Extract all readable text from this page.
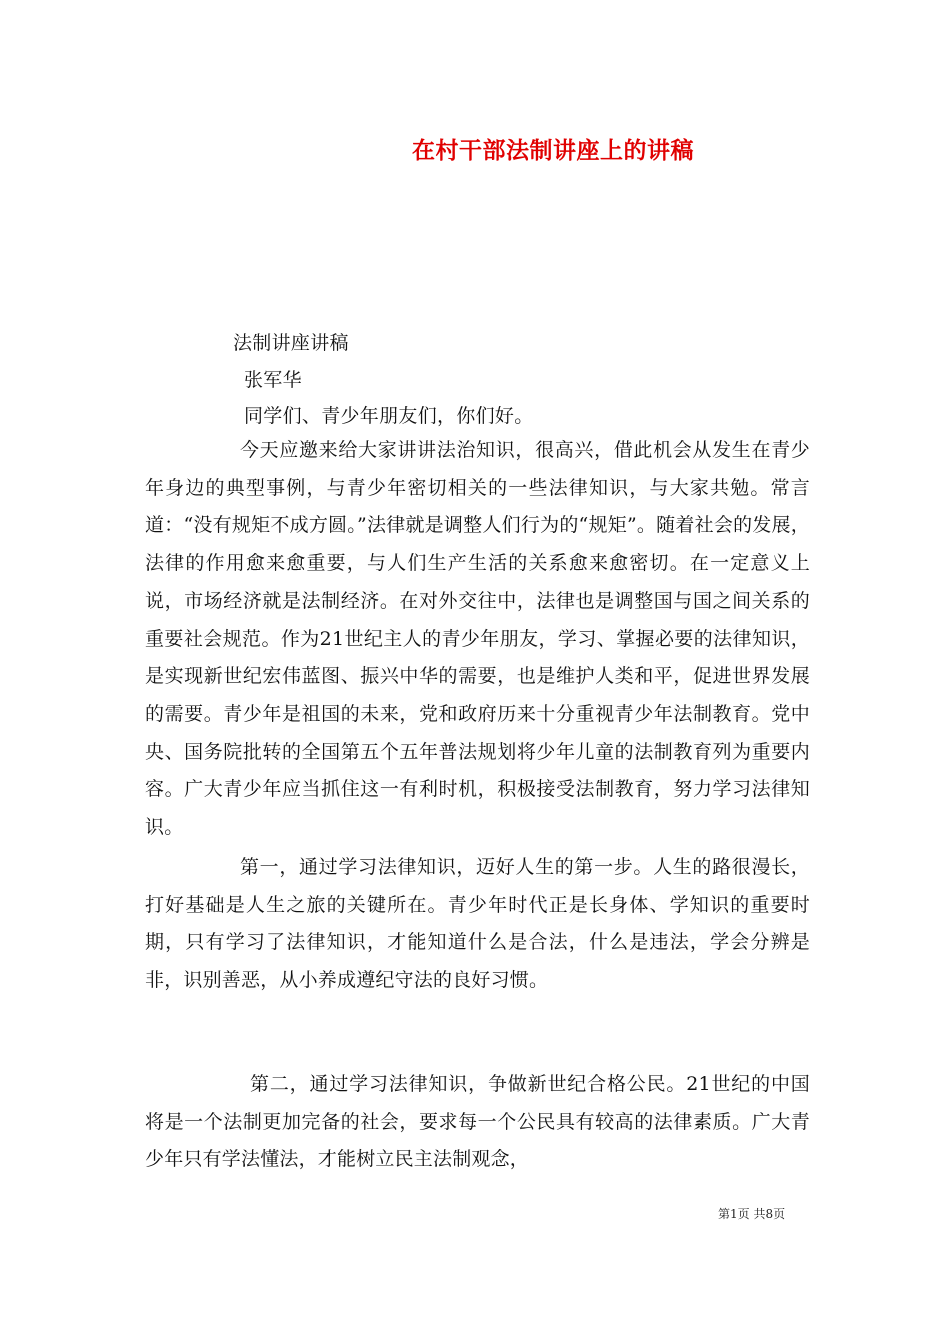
在村干部法制讲座上的讲稿
法制讲座讲稿
张军华
同学们、青少年朋友们，你们好。
今天应邀来给大家讲讲法治知识，很高兴，借此机会从发生在青少年身边的典型事例，与青少年密切相关的一些法律知识，与大家共勉。常言道：“没有规矩不成方圆。”法律就是调整人们行为的“规矩”。随着社会的发展，法律的作用愈来愈重要，与人们生产生活的关系愈来愈密切。在一定意义上说，市场经济就是法制经济。在对外交往中，法律也是调整国与国之间关系的重要社会规范。作为21世纪主人的青少年朋友，学习、掌握必要的法律知识，是实现新世纪宏伟蓝图、振兴中华的需要，也是维护人类和平，促进世界发展的需要。青少年是祖国的未来，党和政府历来十分重视青少年法制教育。党中央、国务院批转的全国第五个五年普法规划将少年儿童的法制教育列为重要内容。广大青少年应当抓住这一有利时机，积极接受法制教育，努力学习法律知识。
第一，通过学习法律知识，迈好人生的第一步。人生的路很漫长，打好基础是人生之旅的关键所在。青少年时代正是长身体、学知识的重要时期，只有学习了法律知识，才能知道什么是合法，什么是违法，学会分辨是非，识别善恶，从小养成遵纪守法的良好习惯。
第二，通过学习法律知识，争做新世纪合格公民。21世纪的中国将是一个法制更加完备的社会，要求每一个公民具有较高的法律素质。广大青少年只有学法懂法，才能树立民主法制观念，
第1页 共8页
